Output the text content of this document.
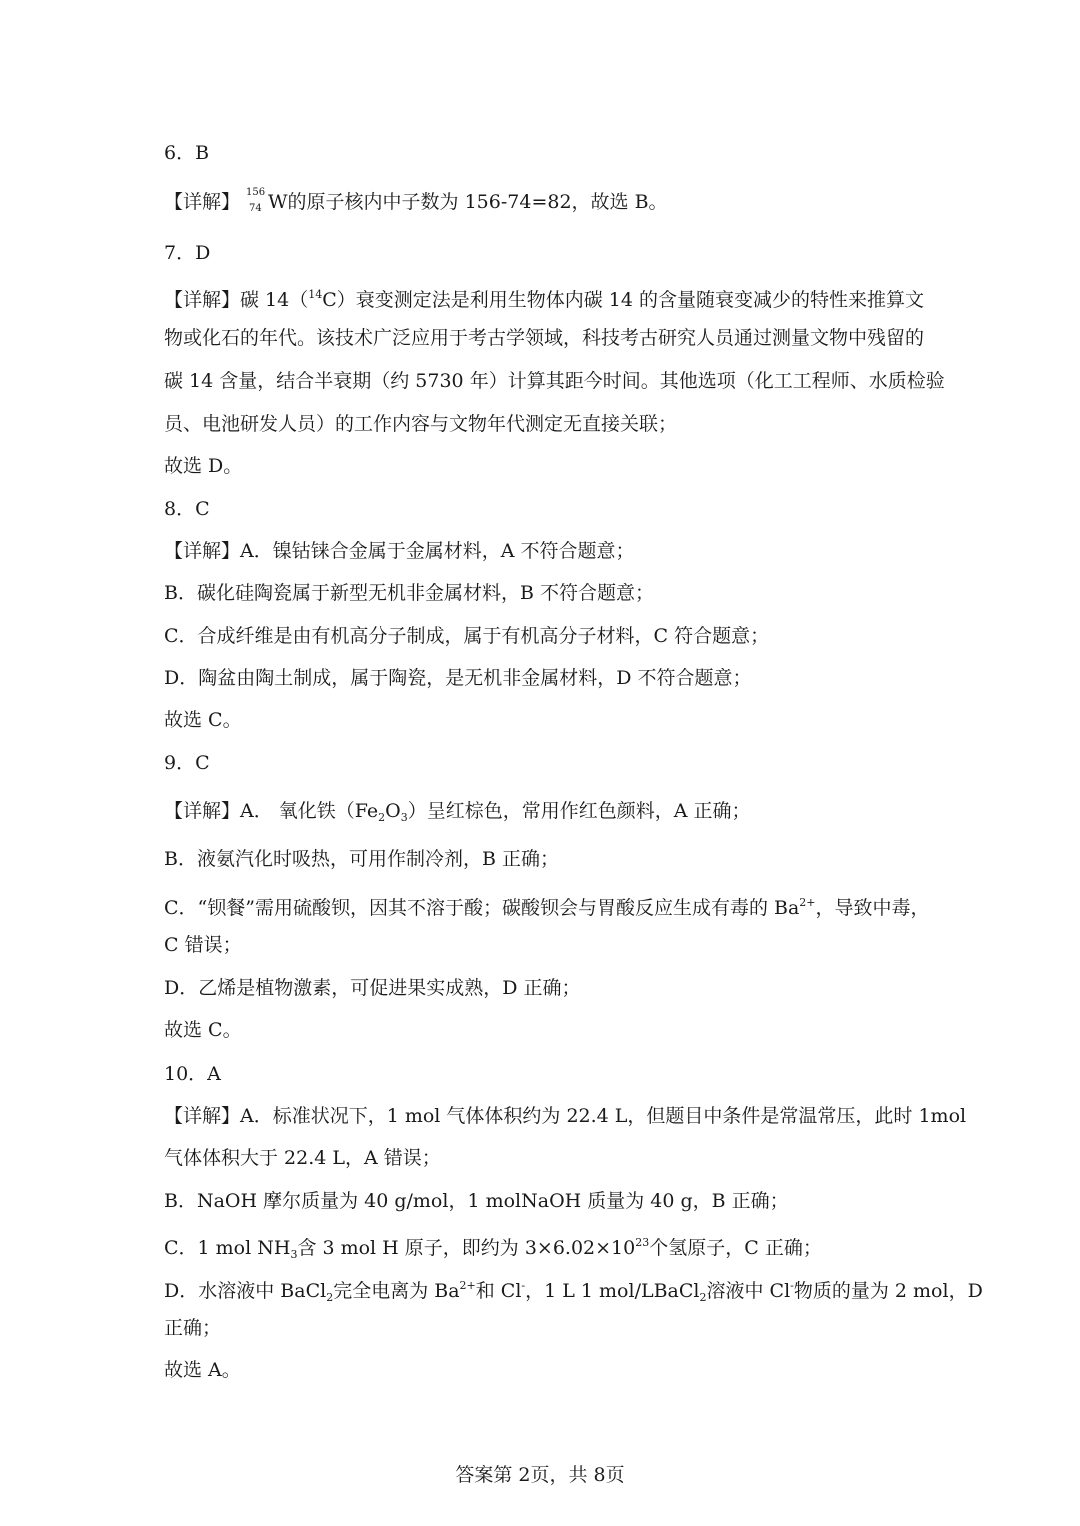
6．B
【详解】 156
74 W的原子核内中子数为 156-74=82，故选 B。
7．D
【详解】碳 14（$^{14}$C）衰变测定法是利用生物体内碳 14 的含量随衰变减少的特性来推算文
物或化石的年代。该技术广泛应用于考古学领域，科技考古研究人员通过测量文物中残留的
碳 14 含量，结合半衰期（约 5730 年）计算其距今时间。其他选项（化工工程师、水质检验
员、电池研发人员）的工作内容与文物年代测定无直接关联；
故选 D。
8．C
【详解】A．镍钴铼合金属于金属材料，A 不符合题意；
B．碳化硅陶瓷属于新型无机非金属材料，B 不符合题意；
C．合成纤维是由有机高分子制成，属于有机高分子材料，C 符合题意；
D．陶盆由陶土制成，属于陶瓷，是无机非金属材料，D 不符合题意；
故选 C。
9．C
【详解】A． 氧化铁$(Fe_2O_3)$呈红棕色，常用作红色颜料，A 正确；
B．液氨汽化时吸热，可用作制冷剂，B 正确；
C．“钡餐”需用硫酸钡，因其不溶于酸；碳酸钡会与胃酸反应生成有毒的 $Ba^{2+}$，导致中毒，
C 错误；
D．乙烯是植物激素，可促进果实成熟，D 正确；
故选 C。
10．A
【详解】A．标准状况下，1 mol 气体体积约为 22.4 L，但题目中条件是常温常压，此时 1mol
气体体积大于 22.4 L，A 错误；
B．NaOH 摩尔质量为 40 g/mol，1 molNaOH 质量为 40 g，B 正确；
C．1 mol $NH_3$含 3 mol H 原子，即约为 $3\times 6.02\times 10^{23}$个氢原子，C 正确；
D．水溶液中 BaCl$_2$完全电离为 $Ba^{2+}$和 Cl-，1 L 1 mol/LBaCl$_2$溶液中 Cl-物质的量为 2 mol，D
正确；
故选 A。
答案第 2页，共 8页
